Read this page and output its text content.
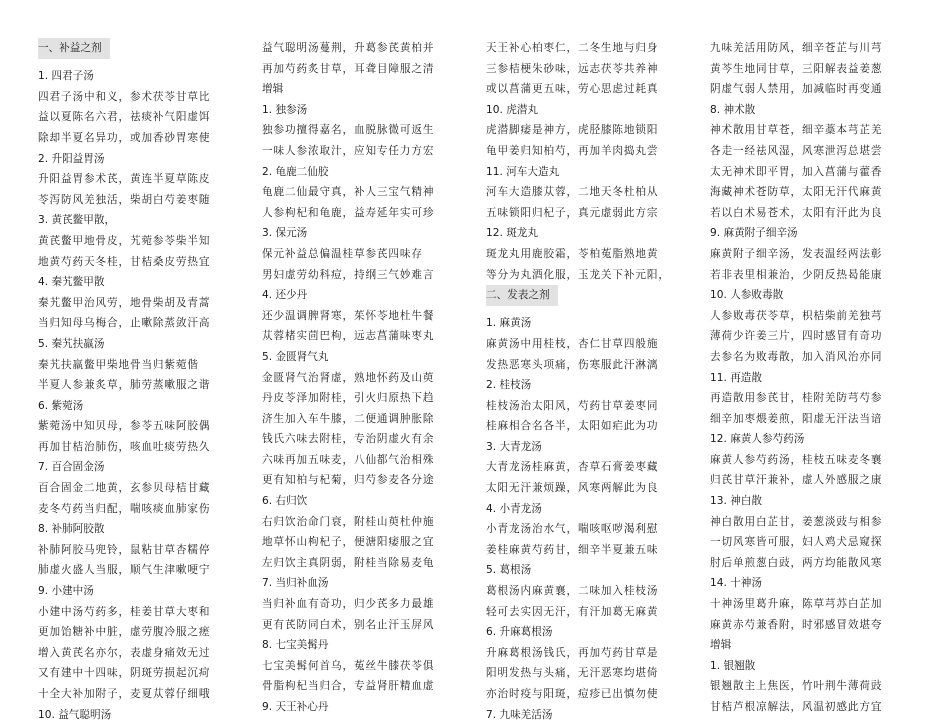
一、补益之剂
1. 四君子汤
四君子汤中和义，参术茯苓甘草比
益以夏陈名六君，祛痰补气阳虚饵
除却半夏名异功，或加香砂胃寒使
2. 升阳益胃汤
升阳益胃参术芪，黄连半夏草陈皮
苓泻防风羌独活，柴胡白芍姜枣随
3. 黄芪鳖甲散，
黄芪鳖甲地骨皮，艽菀参苓柴半知
地黄芍药天冬桂，甘桔桑皮劳热宜
4. 秦艽鳖甲散
秦艽鳖甲治风劳，地骨柴胡及青蒿
当归知母乌梅合，止嗽除蒸敛汗高
5. 秦艽扶羸汤
秦艽扶羸鳖甲柴地骨当归紫菀偕
半夏人参兼炙草，肺劳蒸嗽服之谐
6. 紫菀汤
紫菀汤中知贝母，参苓五味阿胶偶
再加甘桔治肺伤，咳血吐痰劳热久
7. 百合固金汤
百合固金二地黄，玄参贝母桔甘藏
麦冬芍药当归配，喘咳痰血肺家伤
8. 补肺阿胶散
补肺阿胶马兜铃，鼠粘甘草杏糯停
肺虚火盛人当服，顺气生津嗽哽宁
9. 小建中汤
小建中汤芍药多，桂姜甘草大枣和
更加饴糖补中脏，虚劳腹冷服之瘥
增入黄芪名亦尔，表虚身痛效无过
又有建中十四味，阴斑劳损起沉疴
十全大补加附子，麦夏苁蓉仔细哦
10. 益气聪明汤
益气聪明汤蔓荆，升葛参芪黄柏并
再加芍药炙甘草，耳聋目障服之清
增辑
1. 独参汤
独参功擅得嘉名，血脱脉微可返生
一味人参浓取汁，应知专任力方宏
2. 龟鹿二仙胶
龟鹿二仙最守真，补人三宝气精神
人参枸杞和龟鹿，益寿延年实可珍
3. 保元汤
保元补益总偏温桂草参芪四味存
男妇虚劳幼科痘，持纲三气妙难言
4. 还少丹
还少温调脾肾寒，茱怀苓地杜牛餐
苁蓉楮实茴巴枸，远志菖蒲味枣丸
5. 金匮肾气丸
金匮肾气治肾虚，熟地怀药及山萸
丹皮苓泽加附桂，引火归原热下趋
济生加入车牛膝，二便通调肿胀除
钱氏六味去附桂，专治阴虚火有余
六味再加五味麦，八仙都气治相殊
更有知柏与杞菊，归芍参麦各分途
6. 右归饮
右归饮治命门衰，附桂山萸杜仲施
地草怀山枸杞子，便溏阳痿服之宜
左归饮主真阴弱，附桂当除易麦龟
7. 当归补血汤
当归补血有奇功，归少芪多力最雄
更有芪防同白术，别名止汗玉屏风
8. 七宝美髯丹
七宝美髯何首乌，菟丝牛膝茯苓俱
骨脂枸杞当归合，专益肾肝精血虚
9. 天王补心丹
天王补心柏枣仁，二冬生地与归身
三参桔梗朱砂味，远志茯苓共养神
或以菖蒲更五味，劳心思虑过耗真
10. 虎潜丸
虎潜脚痿是神方，虎胫膝陈地锁阳
龟甲姜归知柏芍，再加羊肉捣丸尝
11. 河车大造丸
河车大造膝苁蓉，二地天冬杜柏从
五味锁阳归杞子，真元虚弱此方宗
12. 斑龙丸
斑龙丸用鹿胶霜，苓柏菟脂熟地黄
等分为丸酒化服，玉龙关下补元阳，
二、发表之剂
1. 麻黄汤
麻黄汤中用桂枝，杏仁甘草四般施
发热恶寒头项痛，伤寒服此汗淋漓
2. 桂枝汤
桂枝汤治太阳风，芍药甘草姜枣同
桂麻相合名各半，太阳如疟此为功
3. 大青龙汤
大青龙汤桂麻黄，杏草石膏姜枣藏
太阳无汗兼烦躁，风寒两解此为良
4. 小青龙汤
小青龙汤治水气，喘咳呕哕渴利慰
姜桂麻黄芍药甘，细辛半夏兼五味
5. 葛根汤
葛根汤内麻黄襄，二味加入桂枝汤
轻可去实因无汗，有汗加葛无麻黄
6. 升麻葛根汤
升麻葛根汤钱氏，再加芍药甘草是
阳明发热与头痛，无汗恶寒均堪倚
亦治时疫与阳斑，痘疹已出慎勿使
7. 九味羌活汤
九味羌活用防风，细辛苍芷与川芎
黄芩生地同甘草，三阳解表益姜葱
阴虚气弱人禁用，加减临时再变通
8. 神术散
神术散用甘草苍，细辛藁本芎芷羌
各走一经祛风湿，风寒泄泻总堪尝
太无神术即平胃，加入菖蒲与藿香
海藏神术苍防草，太阳无汗代麻黄
若以白术易苍术，太阳有汗此为良
9. 麻黄附子细辛汤
麻黄附子细辛汤，发表温经两法彰
若非表里相兼治，少阴反热曷能康
10. 人参败毒散
人参败毒茯苓草，枳桔柴前羌独芎
薄荷少许姜三片，四时感冒有奇功
去参名为败毒散，加入消风治亦同
11. 再造散
再造散用参芪甘，桂附羌防芎芍参
细辛加枣煨姜煎，阳虚无汗法当谙
12. 麻黄人参芍药汤
麻黄人参芍药汤，桂枝五味麦冬襄
归芪甘草汗兼补，虚人外感服之康
13. 神白散
神白散用白芷甘，姜葱淡豉与相参
一切风寒皆可服，妇人鸡犬忌窥探
肘后单煎葱白豉，两方均能散风寒
14. 十神汤
十神汤里葛升麻，陈草芎苏白芷加
麻黄赤芍兼香附，时邪感冒效堪夸
增辑
1. 银翘散
银翘散主上焦医，竹叶荆牛薄荷豉
甘桔芦根凉解法，风温初感此方宜
